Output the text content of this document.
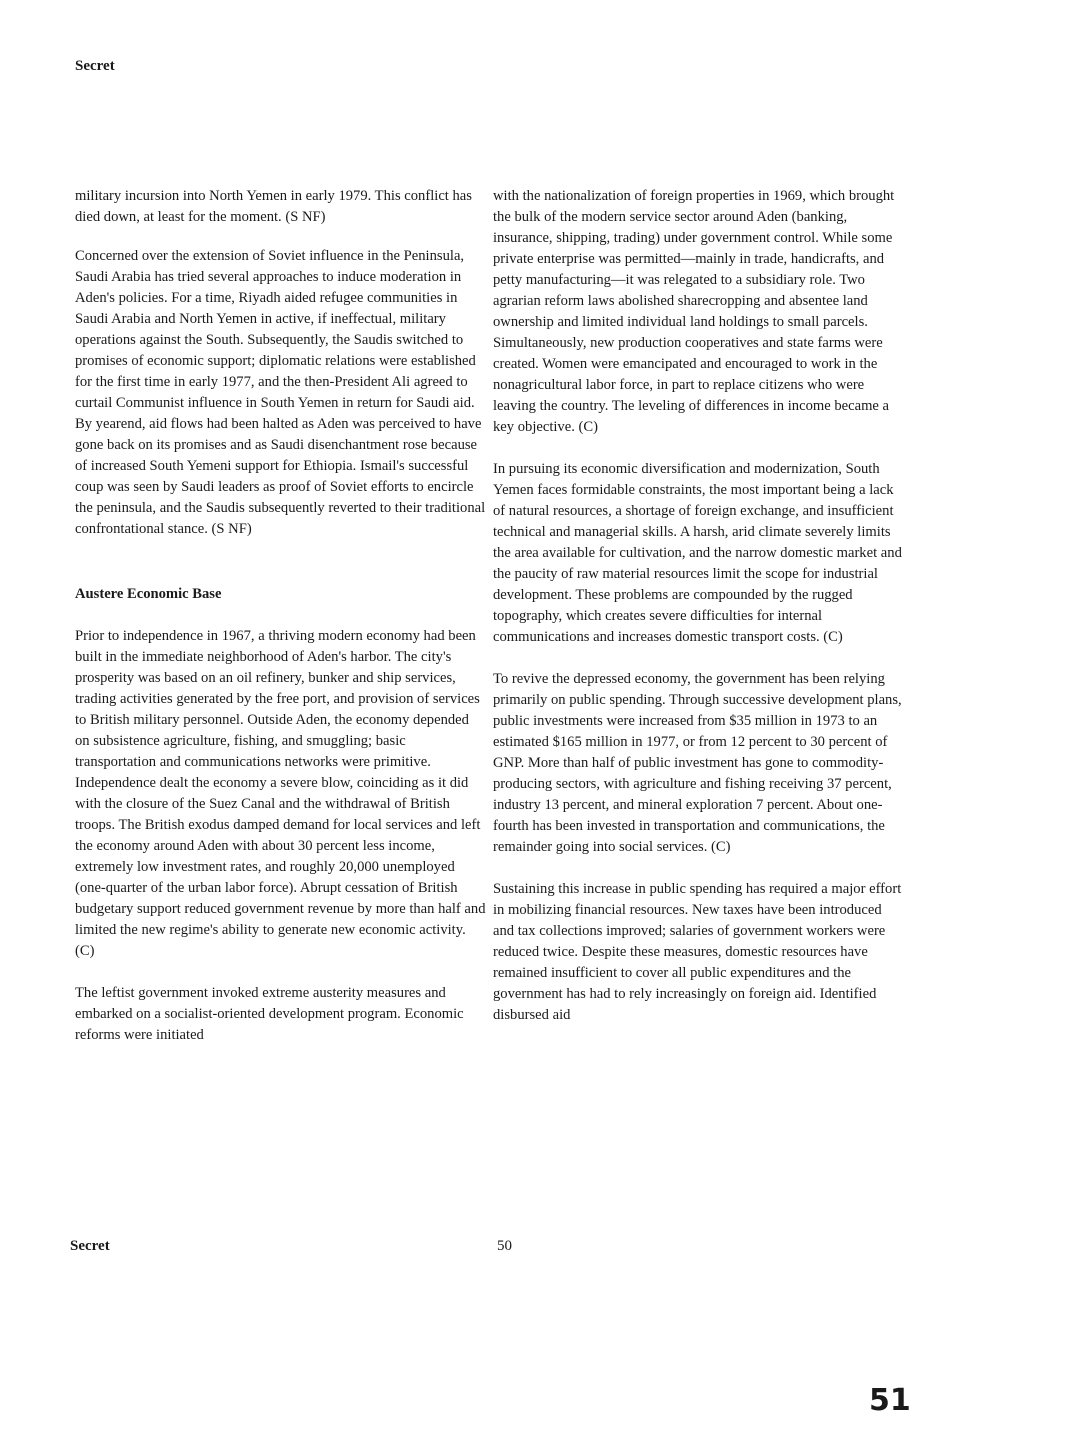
Secret

military incursion into North Yemen in early 1979. This conflict has died down, at least for the moment. (S NF)

Concerned over the extension of Soviet influence in the Peninsula, Saudi Arabia has tried several approaches to induce moderation in Aden's policies. For a time, Riyadh aided refugee communities in Saudi Arabia and North Yemen in active, if ineffectual, military operations against the South. Subsequently, the Saudis switched to promises of economic support; diplomatic relations were established for the first time in early 1977, and the then-President Ali agreed to curtail Communist influence in South Yemen in return for Saudi aid. By yearend, aid flows had been halted as Aden was perceived to have gone back on its promises and as Saudi disenchantment rose because of increased South Yemeni support for Ethiopia. Ismail's successful coup was seen by Saudi leaders as proof of Soviet efforts to encircle the peninsula, and the Saudis subsequently reverted to their traditional confrontational stance. (S NF)

Austere Economic Base

Prior to independence in 1967, a thriving modern economy had been built in the immediate neighborhood of Aden's harbor. The city's prosperity was based on an oil refinery, bunker and ship services, trading activities generated by the free port, and provision of services to British military personnel. Outside Aden, the economy depended on subsistence agriculture, fishing, and smuggling; basic transportation and communications networks were primitive. Independence dealt the economy a severe blow, coinciding as it did with the closure of the Suez Canal and the withdrawal of British troops. The British exodus damped demand for local services and left the economy around Aden with about 30 percent less income, extremely low investment rates, and roughly 20,000 unemployed (one-quarter of the urban labor force). Abrupt cessation of British budgetary support reduced government revenue by more than half and limited the new regime's ability to generate new economic activity. (C)

The leftist government invoked extreme austerity measures and embarked on a socialist-oriented development program. Economic reforms were initiated

with the nationalization of foreign properties in 1969, which brought the bulk of the modern service sector around Aden (banking, insurance, shipping, trading) under government control. While some private enterprise was permitted—mainly in trade, handicrafts, and petty manufacturing—it was relegated to a subsidiary role. Two agrarian reform laws abolished sharecropping and absentee land ownership and limited individual land holdings to small parcels. Simultaneously, new production cooperatives and state farms were created. Women were emancipated and encouraged to work in the nonagricultural labor force, in part to replace citizens who were leaving the country. The leveling of differences in income became a key objective. (C)

In pursuing its economic diversification and modernization, South Yemen faces formidable constraints, the most important being a lack of natural resources, a shortage of foreign exchange, and insufficient technical and managerial skills. A harsh, arid climate severely limits the area available for cultivation, and the narrow domestic market and the paucity of raw material resources limit the scope for industrial development. These problems are compounded by the rugged topography, which creates severe difficulties for internal communications and increases domestic transport costs. (C)

To revive the depressed economy, the government has been relying primarily on public spending. Through successive development plans, public investments were increased from $35 million in 1973 to an estimated $165 million in 1977, or from 12 percent to 30 percent of GNP. More than half of public investment has gone to commodity-producing sectors, with agriculture and fishing receiving 37 percent, industry 13 percent, and mineral exploration 7 percent. About one-fourth has been invested in transportation and communications, the remainder going into social services. (C)

Sustaining this increase in public spending has required a major effort in mobilizing financial resources. New taxes have been introduced and tax collections improved; salaries of government workers were reduced twice. Despite these measures, domestic resources have remained insufficient to cover all public expenditures and the government has had to rely increasingly on foreign aid. Identified disbursed aid

Secret	50
51
